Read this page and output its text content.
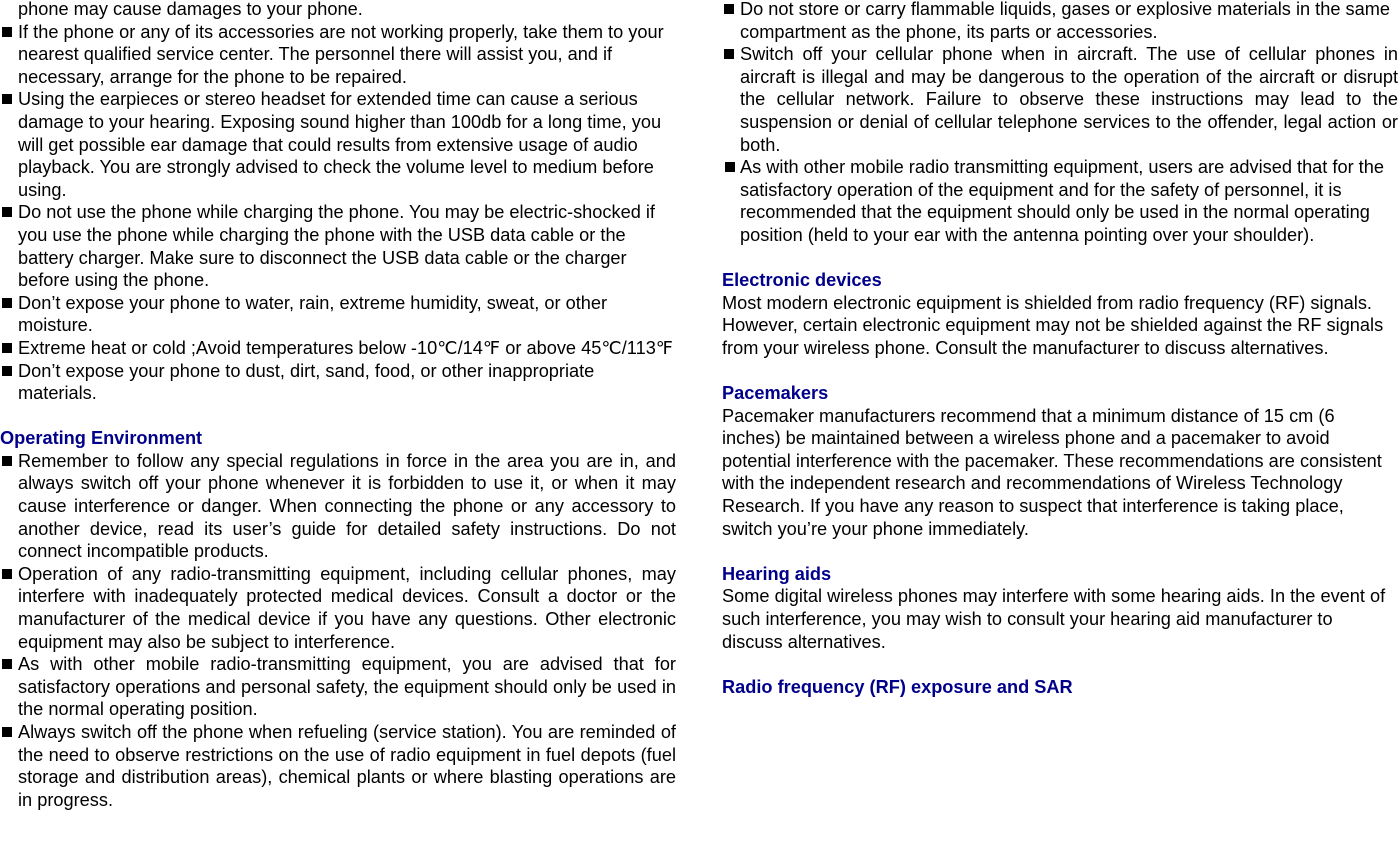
phone may cause damages to your phone.

If the phone or any of its accessories are not working properly, take them to your nearest qualified service center. The personnel there will assist you, and if necessary, arrange for the phone to be repaired.

Using the earpieces or stereo headset for extended time can cause a serious damage to your hearing. Exposing sound higher than 100db for a long time, you will get possible ear damage that could results from extensive usage of audio playback. You are strongly advised to check the volume level to medium before using.

Do not use the phone while charging the phone. You may be electric-shocked if you use the phone while charging the phone with the USB data cable or the battery charger. Make sure to disconnect the USB data cable or the charger before using the phone.

Don’t expose your phone to water, rain, extreme humidity, sweat, or other moisture.

Extreme heat or cold ;Avoid temperatures below -10℃/14℉ or above 45℃/113℉

Don’t expose your phone to dust, dirt, sand, food, or other inappropriate materials.

Operating Environment

Remember to follow any special regulations in force in the area you are in, and always switch off your phone whenever it is forbidden to use it, or when it may cause interference or danger. When connecting the phone or any accessory to another device, read its user’s guide for detailed safety instructions. Do not connect incompatible products.

Operation of any radio-transmitting equipment, including cellular phones, may interfere with inadequately protected medical devices. Consult a doctor or the manufacturer of the medical device if you have any questions. Other electronic equipment may also be subject to interference.

As with other mobile radio-transmitting equipment, you are advised that for satisfactory operations and personal safety, the equipment should only be used in the normal operating position.

Always switch off the phone when refueling (service station). You are reminded of the need to observe restrictions on the use of radio equipment in fuel depots (fuel storage and distribution areas), chemical plants or where blasting operations are in progress.

Do not store or carry flammable liquids, gases or explosive materials in the same compartment as the phone, its parts or accessories.

Switch off your cellular phone when in aircraft. The use of cellular phones in aircraft is illegal and may be dangerous to the operation of the aircraft or disrupt the cellular network. Failure to observe these instructions may lead to the suspension or denial of cellular telephone services to the offender, legal action or both.

As with other mobile radio transmitting equipment, users are advised that for the satisfactory operation of the equipment and for the safety of personnel, it is recommended that the equipment should only be used in the normal operating position (held to your ear with the antenna pointing over your shoulder).

Electronic devices

Most modern electronic equipment is shielded from radio frequency (RF) signals. However, certain electronic equipment may not be shielded against the RF signals from your wireless phone. Consult the manufacturer to discuss alternatives.

Pacemakers

Pacemaker manufacturers recommend that a minimum distance of 15 cm (6 inches) be maintained between a wireless phone and a pacemaker to avoid potential interference with the pacemaker. These recommendations are consistent with the independent research and recommendations of Wireless Technology Research. If you have any reason to suspect that interference is taking place, switch you’re your phone immediately.

Hearing aids

Some digital wireless phones may interfere with some hearing aids. In the event of such interference, you may wish to consult your hearing aid manufacturer to discuss alternatives.

Radio frequency (RF) exposure and SAR
